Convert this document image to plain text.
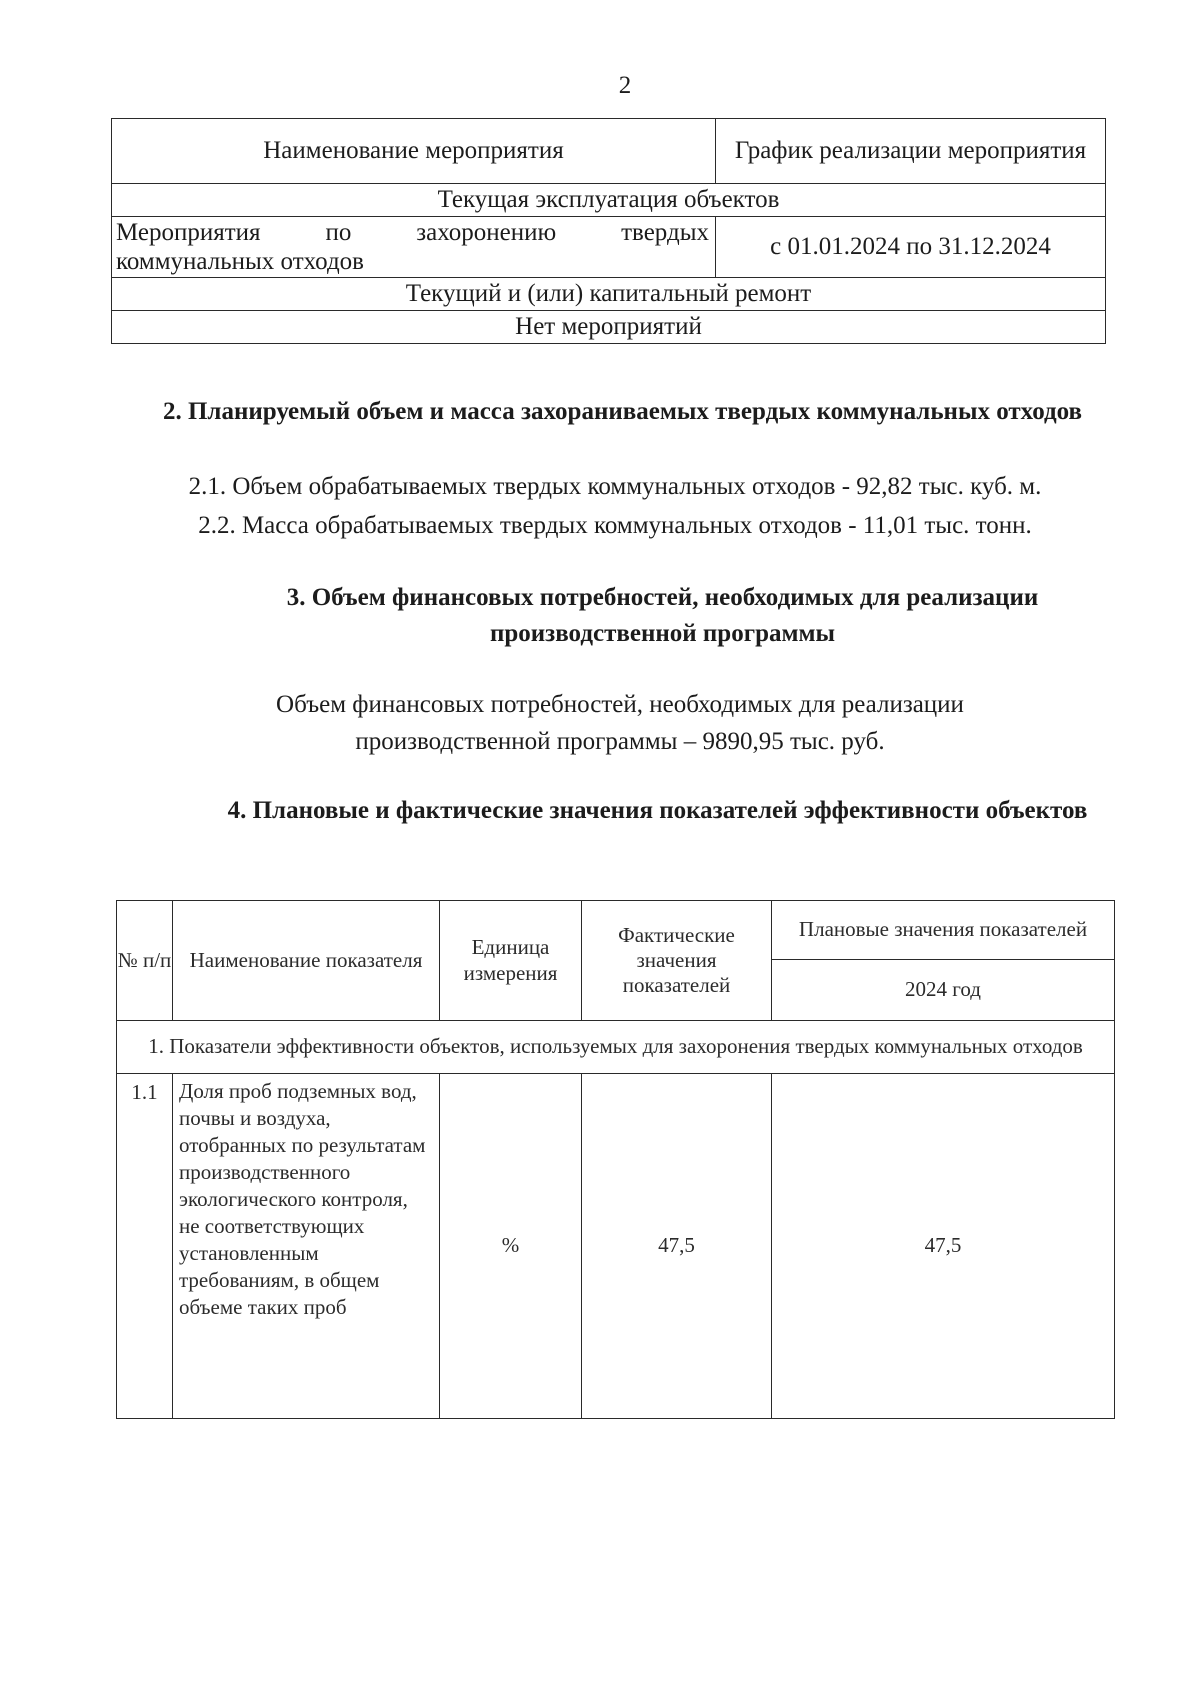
2
Наименование мероприятия	График реализации мероприятия
Текущая эксплуатация объектов	

Мероприятия по захоронению твердых
коммунальных отходов	с 01.01.2024 по 31.12.2024
Текущий и (или) капитальный ремонт	
Нет мероприятий	
2. Планируемый объем и масса захораниваемых твердых коммунальных отходов
2.1. Объем обрабатываемых твердых коммунальных отходов - 92,82 тыс. куб. м.
2.2. Масса обрабатываемых твердых коммунальных отходов - 11,01 тыс. тонн.
3. Объем финансовых потребностей, необходимых для реализации производственной программы
Объем финансовых потребностей, необходимых для реализации производственной программы – 9890,95 тыс. руб.
4. Плановые и фактические значения показателей эффективности объектов
№ п/п	Наименование показателя	Единица измерения	Фактические значения показателей	Плановые значения показателей
				2024 год
1. Показатели эффективности объектов, используемых для захоронения твердых коммунальных отходов				
1.1	Доля проб подземных вод, почвы и воздуха, отобранных по результатам производственного экологического контроля, не соответствующих установленным требованиям, в общем объеме таких проб	%	47,5	47,5
